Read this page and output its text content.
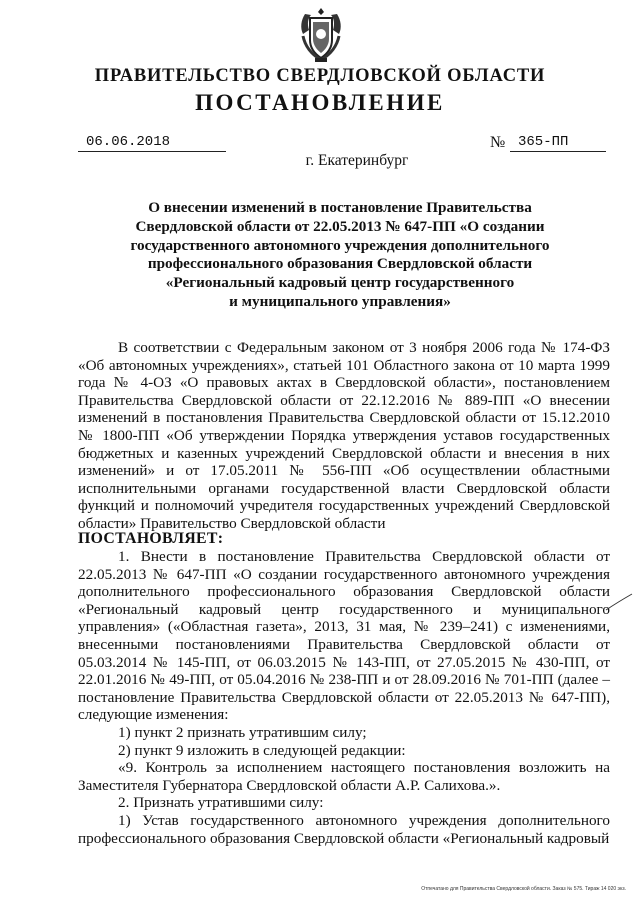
ПРАВИТЕЛЬСТВО СВЕРДЛОВСКОЙ ОБЛАСТИ
ПОСТАНОВЛЕНИЕ
06.06.2018	№ 365-ПП
г. Екатеринбург
О внесении изменений в постановление Правительства
Свердловской области от 22.05.2013 № 647-ПП «О создании
государственного автономного учреждения дополнительного
профессионального образования Свердловской области
«Региональный кадровый центр государственного
и муниципального управления»

В соответствии с Федеральным законом от 3 ноября 2006 года № 174-ФЗ «Об автономных учреждениях», статьей 101 Областного закона от 10 марта 1999 года № 4-ОЗ «О правовых актах в Свердловской области», постановлением Правительства Свердловской области от 22.12.2016 № 889-ПП «О внесении изменений в постановления Правительства Свердловской области от 15.12.2010 № 1800-ПП «Об утверждении Порядка утверждения уставов государственных бюджетных и казенных учреждений Свердловской области и внесения в них изменений» и от 17.05.2011 № 556-ПП «Об осуществлении областными исполнительными органами государственной власти Свердловской области функций и полномочий учредителя государственных учреждений Свердловской области» Правительство Свердловской области

ПОСТАНОВЛЯЕТ:

1. Внести в постановление Правительства Свердловской области от 22.05.2013 № 647-ПП «О создании государственного автономного учреждения дополнительного профессионального образования Свердловской области «Региональный кадровый центр государственного и муниципального управления» («Областная газета», 2013, 31 мая, № 239–241) с изменениями, внесенными постановлениями Правительства Свердловской области от 05.03.2014 № 145-ПП, от 06.03.2015 № 143-ПП, от 27.05.2015 № 430-ПП, от 22.01.2016 № 49-ПП, от 05.04.2016 № 238-ПП и от 28.09.2016 № 701-ПП (далее – постановление Правительства Свердловской области от 22.05.2013 № 647-ПП), следующие изменения:

1) пункт 2 признать утратившим силу;

2) пункт 9 изложить в следующей редакции:

«9. Контроль за исполнением настоящего постановления возложить на Заместителя Губернатора Свердловской области А.Р. Салихова.».

2. Признать утратившими силу:

1) Устав государственного автономного учреждения дополнительного профессионального образования Свердловской области «Региональный кадровый

Отпечатано для Правительства Свердловской области. Заказ № 575. Тираж 14 020 экз.
